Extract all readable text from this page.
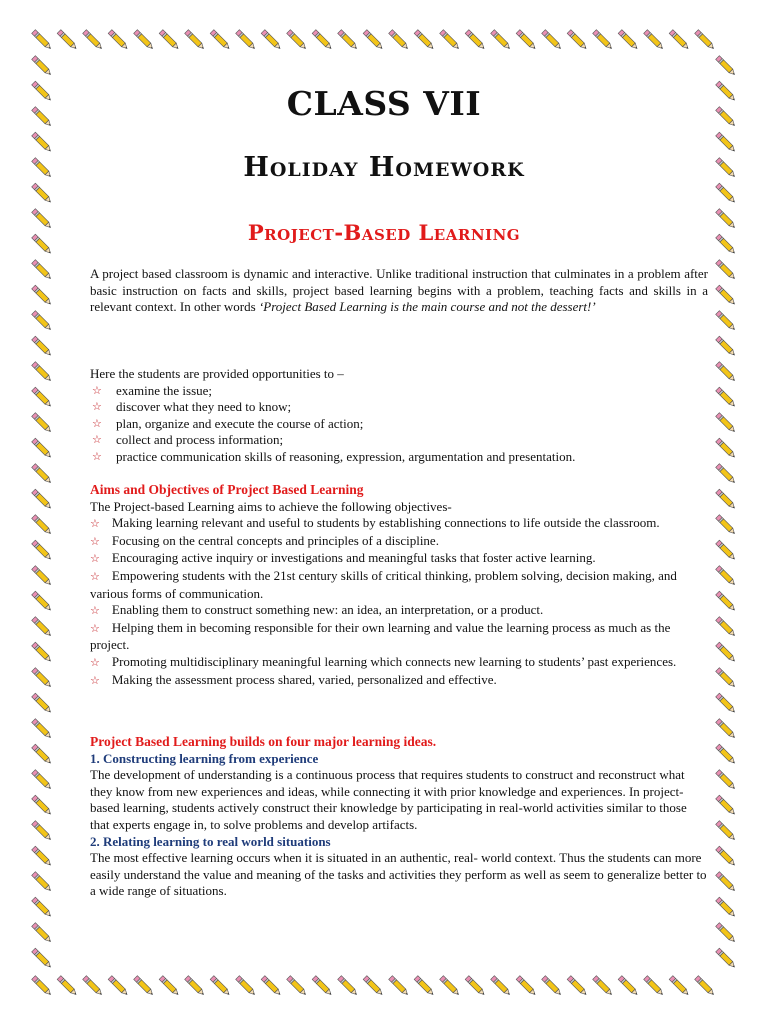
CLASS VII
Holiday Homework
Project-Based Learning

A project based classroom is dynamic and interactive. Unlike traditional instruction that culminates in a problem after basic instruction on facts and skills, project based learning begins with a problem, teaching facts and skills in a relevant context. In other words ‘Project Based Learning is the main course and not the dessert!’

Here the students are provided opportunities to –

☆ examine the issue;
☆ discover what they need to know;
☆ plan, organize and execute the course of action;
☆ collect and process information;
☆ practice communication skills of reasoning, expression, argumentation and presentation.

Aims and Objectives of Project Based Learning

The Project-based Learning aims to achieve the following objectives-

☆ Making learning relevant and useful to students by establishing connections to life outside the classroom.
☆ Focusing on the central concepts and principles of a discipline.
☆ Encouraging active inquiry or investigations and meaningful tasks that foster active learning.
☆ Empowering students with the 21st century skills of critical thinking, problem solving, decision making, and various forms of communication.
☆ Enabling them to construct something new: an idea, an interpretation, or a product.
☆ Helping them in becoming responsible for their own learning and value the learning process as much as the project.
☆ Promoting multidisciplinary meaningful learning which connects new learning to students’ past experiences.
☆ Making the assessment process shared, varied, personalized and effective.

Project Based Learning builds on four major learning ideas.

1. Constructing learning from experience

The development of understanding is a continuous process that requires students to construct and reconstruct what they know from new experiences and ideas, while connecting it with prior knowledge and experiences. In project-based learning, students actively construct their knowledge by participating in real-world activities similar to those that experts engage in, to solve problems and develop artifacts.

2. Relating learning to real world situations

The most effective learning occurs when it is situated in an authentic, real- world context. Thus the students can more easily understand the value and meaning of the tasks and activities they perform as well as seem to generalize better to a wide range of situations.
